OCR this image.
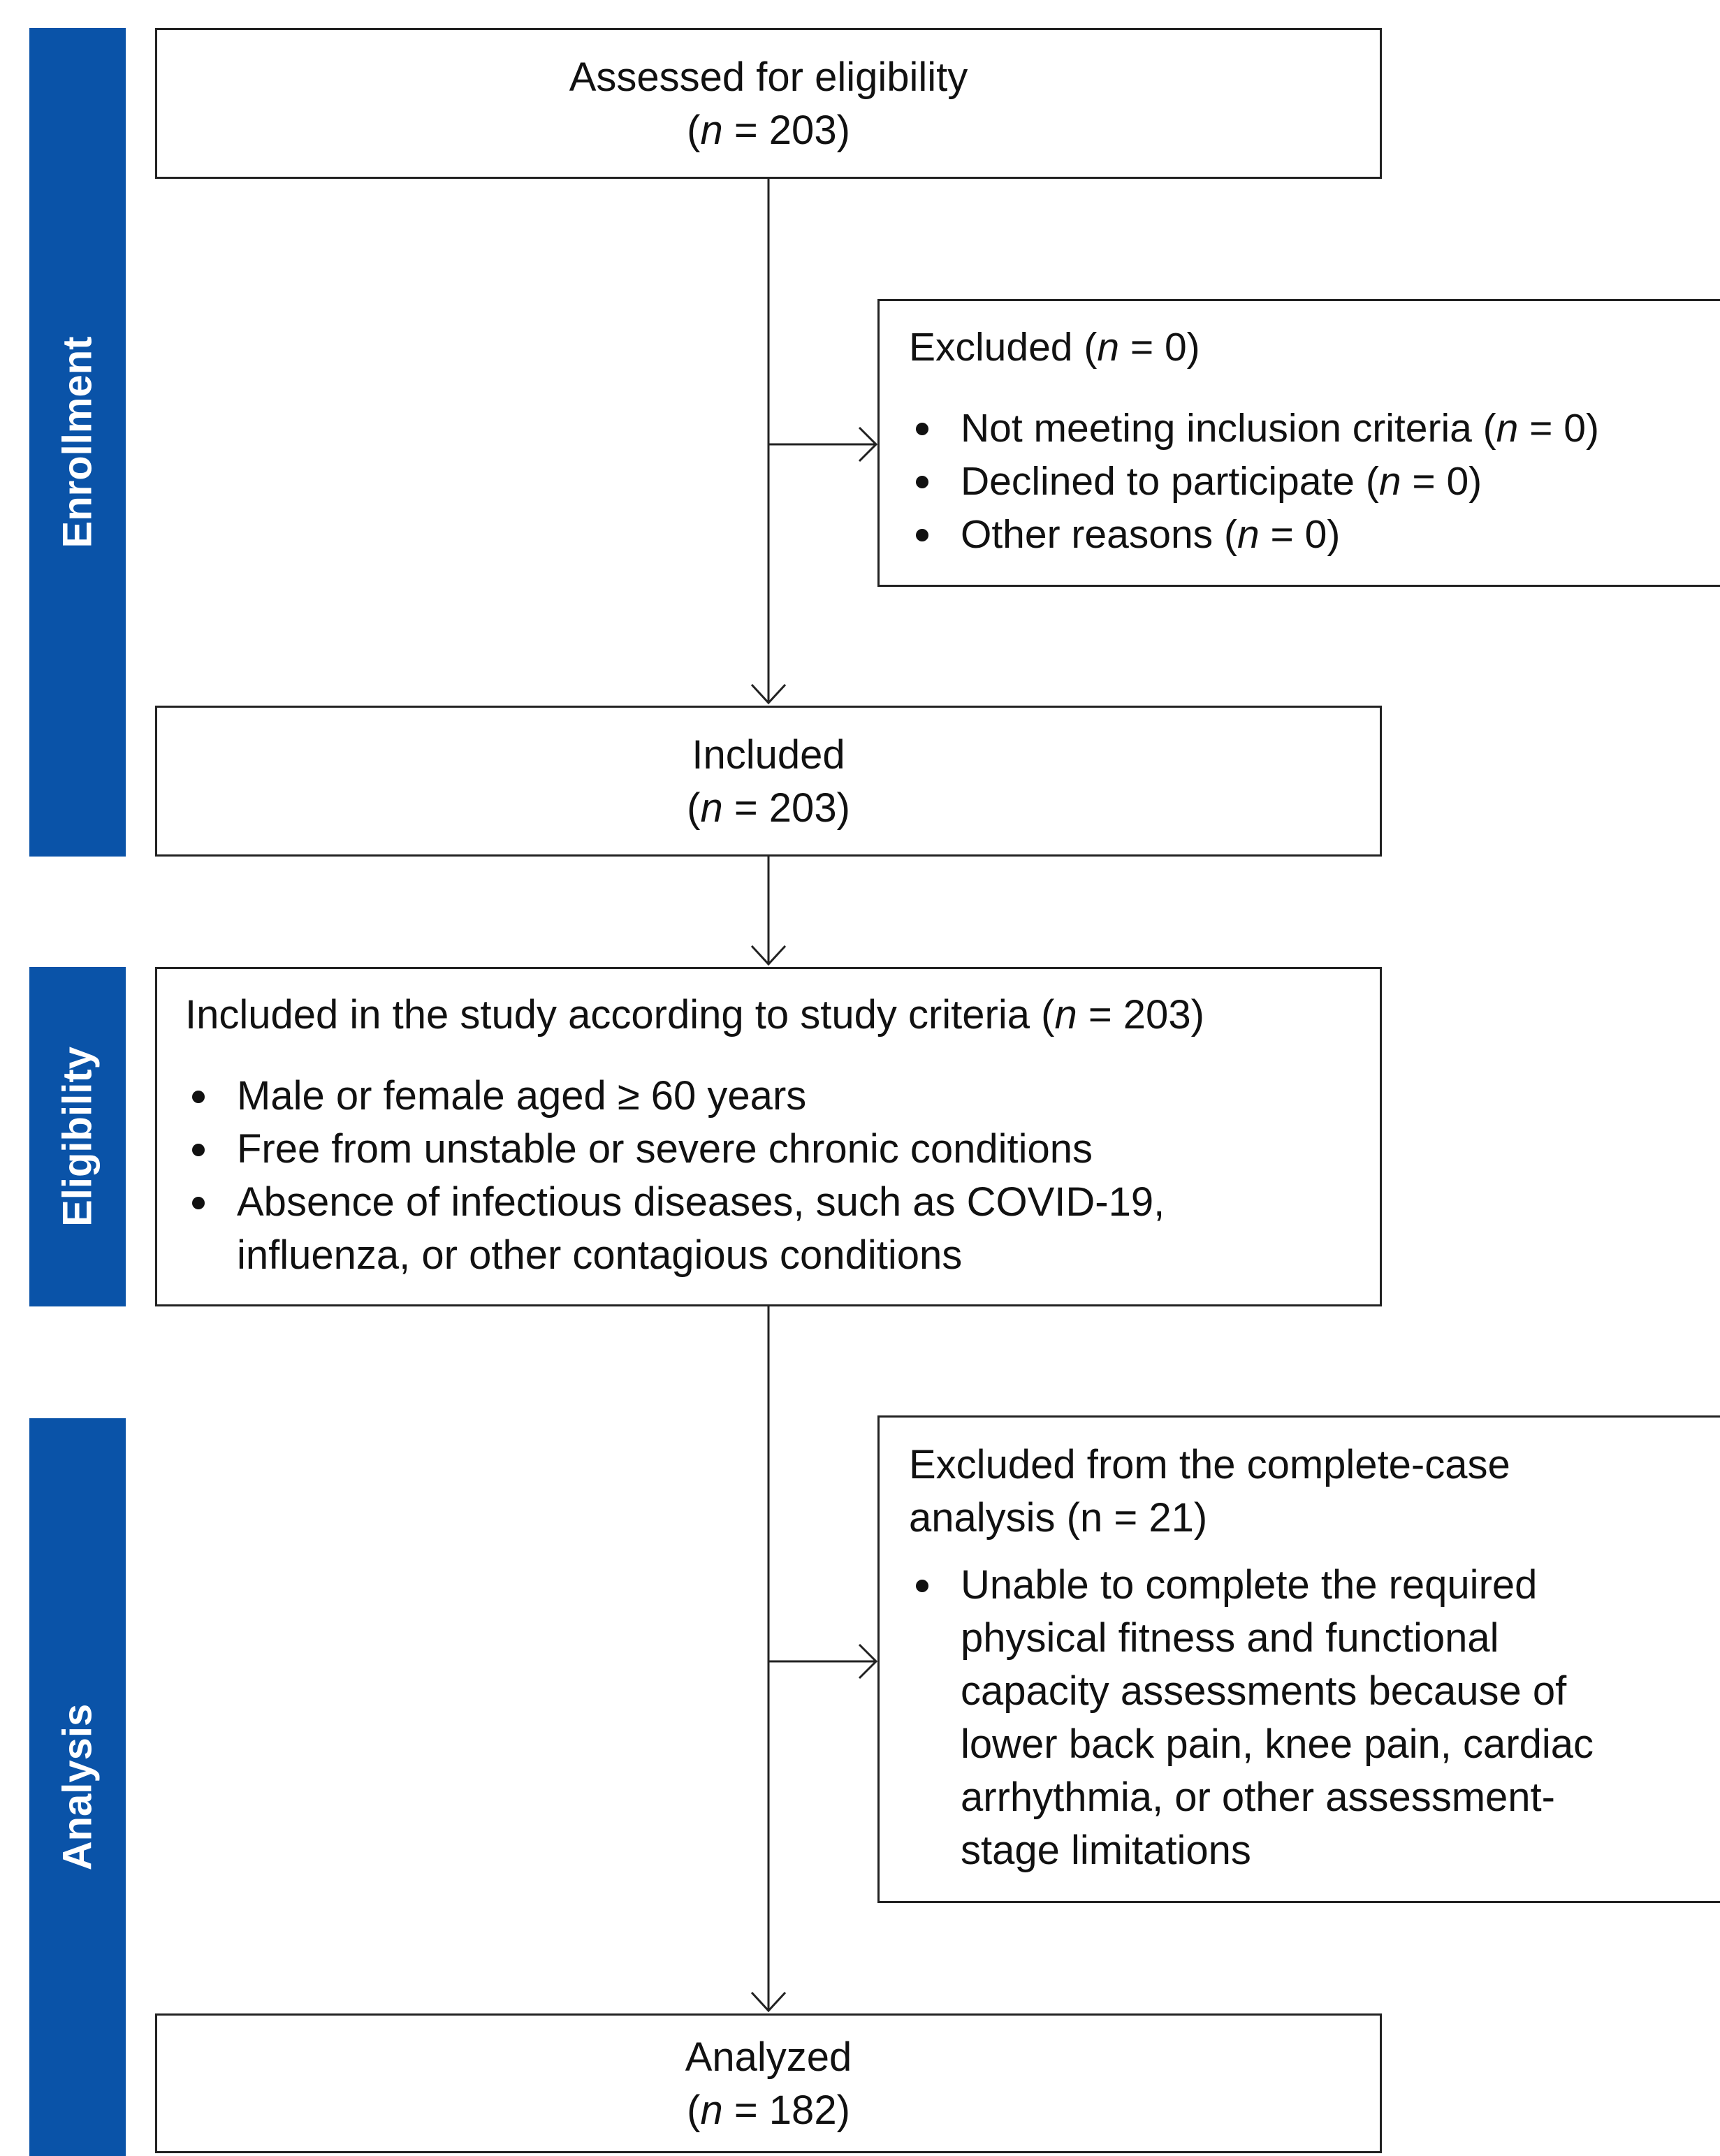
Enrollment
Eligibility
Analysis
Assessed for eligibility
(n = 203)
Excluded (n = 0)
Not meeting inclusion criteria (n = 0)
Declined to participate (n = 0)
Other reasons (n = 0)
Included
(n = 203)
Included in the study according to study criteria (n = 203)
Male or female aged ≥ 60 years
Free from unstable or severe chronic conditions
Absence of infectious diseases, such as COVID-19, influenza, or other contagious conditions
Excluded from the complete-case analysis (n = 21)
Unable to complete the required physical fitness and functional capacity assessments because of lower back pain, knee pain, cardiac arrhythmia, or other assessment-stage limitations
Analyzed
(n = 182)
